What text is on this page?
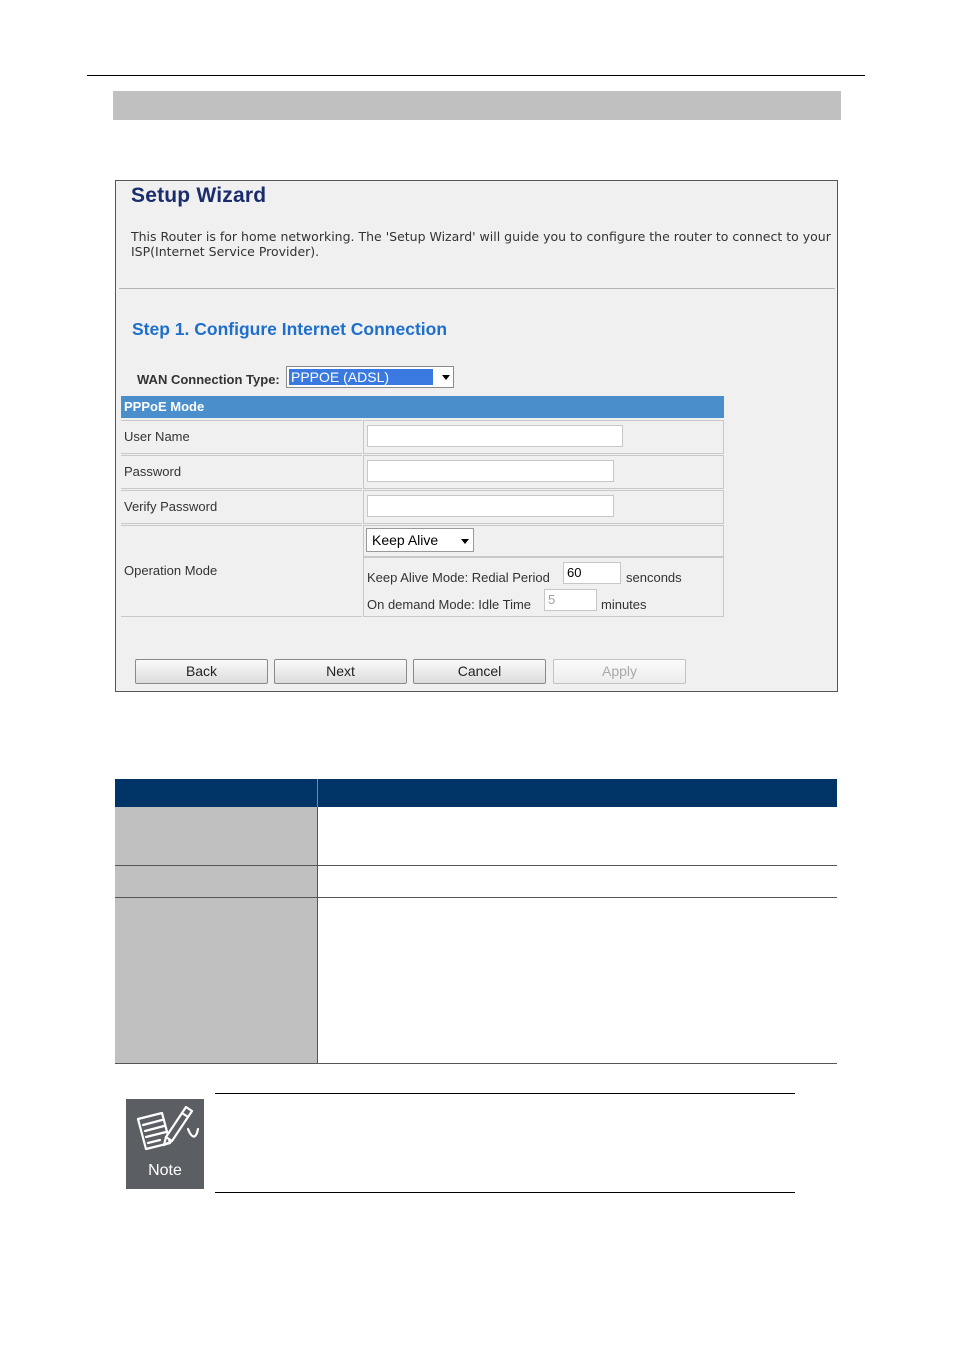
Setup Wizard
This Router is for home networking. The 'Setup Wizard' will guide you to configure the router to connect to your ISP(Internet Service Provider).
Step 1. Configure Internet Connection
WAN Connection Type: PPPOE (ADSL)
PPPoE Mode
User Name
Password
Verify Password
Operation Mode
Keep Alive
Keep Alive Mode: Redial Period	60	senconds
On demand Mode: Idle Time	5	minutes
Back	Next	Cancel	Apply
Note
